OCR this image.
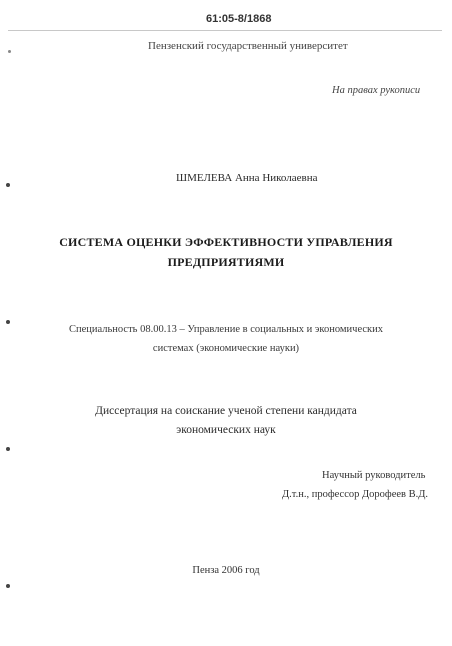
61:05-8/1868
Пензенский государственный университет
На правах рукописи
ШМЕЛЕВА Анна Николаевна
СИСТЕМА ОЦЕНКИ ЭФФЕКТИВНОСТИ УПРАВЛЕНИЯ
ПРЕДПРИЯТИЯМИ
Специальность 08.00.13 – Управление в социальных и экономических
системах (экономические науки)
Диссертация на соискание ученой степени кандидата
экономических наук
Научный руководитель
Д.т.н., профессор Дорофеев В.Д.
Пенза 2006 год
